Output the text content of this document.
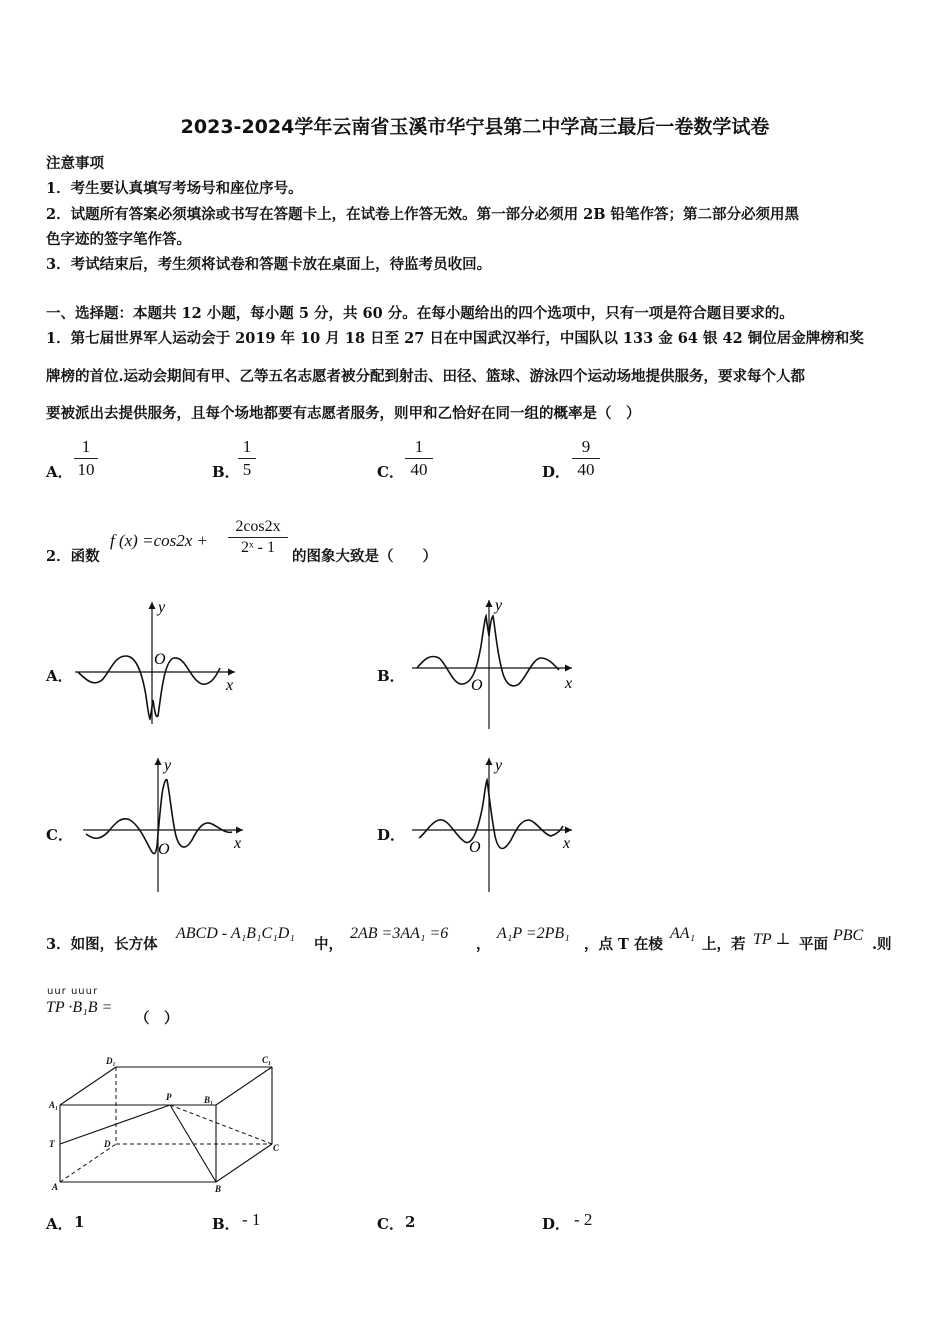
2023-2024学年云南省玉溪市华宁县第二中学高三最后一卷数学试卷
注意事项
1．考生要认真填写考场号和座位序号。
2．试题所有答案必须填涂或书写在答题卡上，在试卷上作答无效。第一部分必须用 2B 铅笔作答；第二部分必须用黑
色字迹的签字笔作答。
3．考试结束后，考生须将试卷和答题卡放在桌面上，待监考员收回。
一、选择题：本题共 12 小题，每小题 5 分，共 60 分。在每小题给出的四个选项中，只有一项是符合题目要求的。
1．第七届世界军人运动会于 2019 年 10 月 18 日至 27 日在中国武汉举行，中国队以 133 金 64 银 42 铜位居金牌榜和奖
牌榜的首位.运动会期间有甲、乙等五名志愿者被分配到射击、田径、篮球、游泳四个运动场地提供服务，要求每个人都
要被派出去提供服务，且每个场地都要有志愿者服务，则甲和乙恰好在同一组的概率是（　）
A．
1
10	B．
1
5	C．
1
40	D．
9
40
2．函数
f (x) =cos2x +
2cos2x
2ˣ - 1
的图象大致是（　　）
A．	B．
C．	D．
O
x
y
O	x
y
O	x
y
O	x
y
3．如图，长方体
ABCD - A₁B₁C₁D₁
中，
2AB =3AA₁ =6
，
A₁P =2PB₁
，点 T 在棱
AA₁
上，若 TP ⊥ 平面
PBC
.则
uur uuur
TP ·B₁B =
（　）
D₁	C₁
A₁
P	B₁
T	D	C
A	B
A． 1	B． - 1	C． 2	D． - 2
